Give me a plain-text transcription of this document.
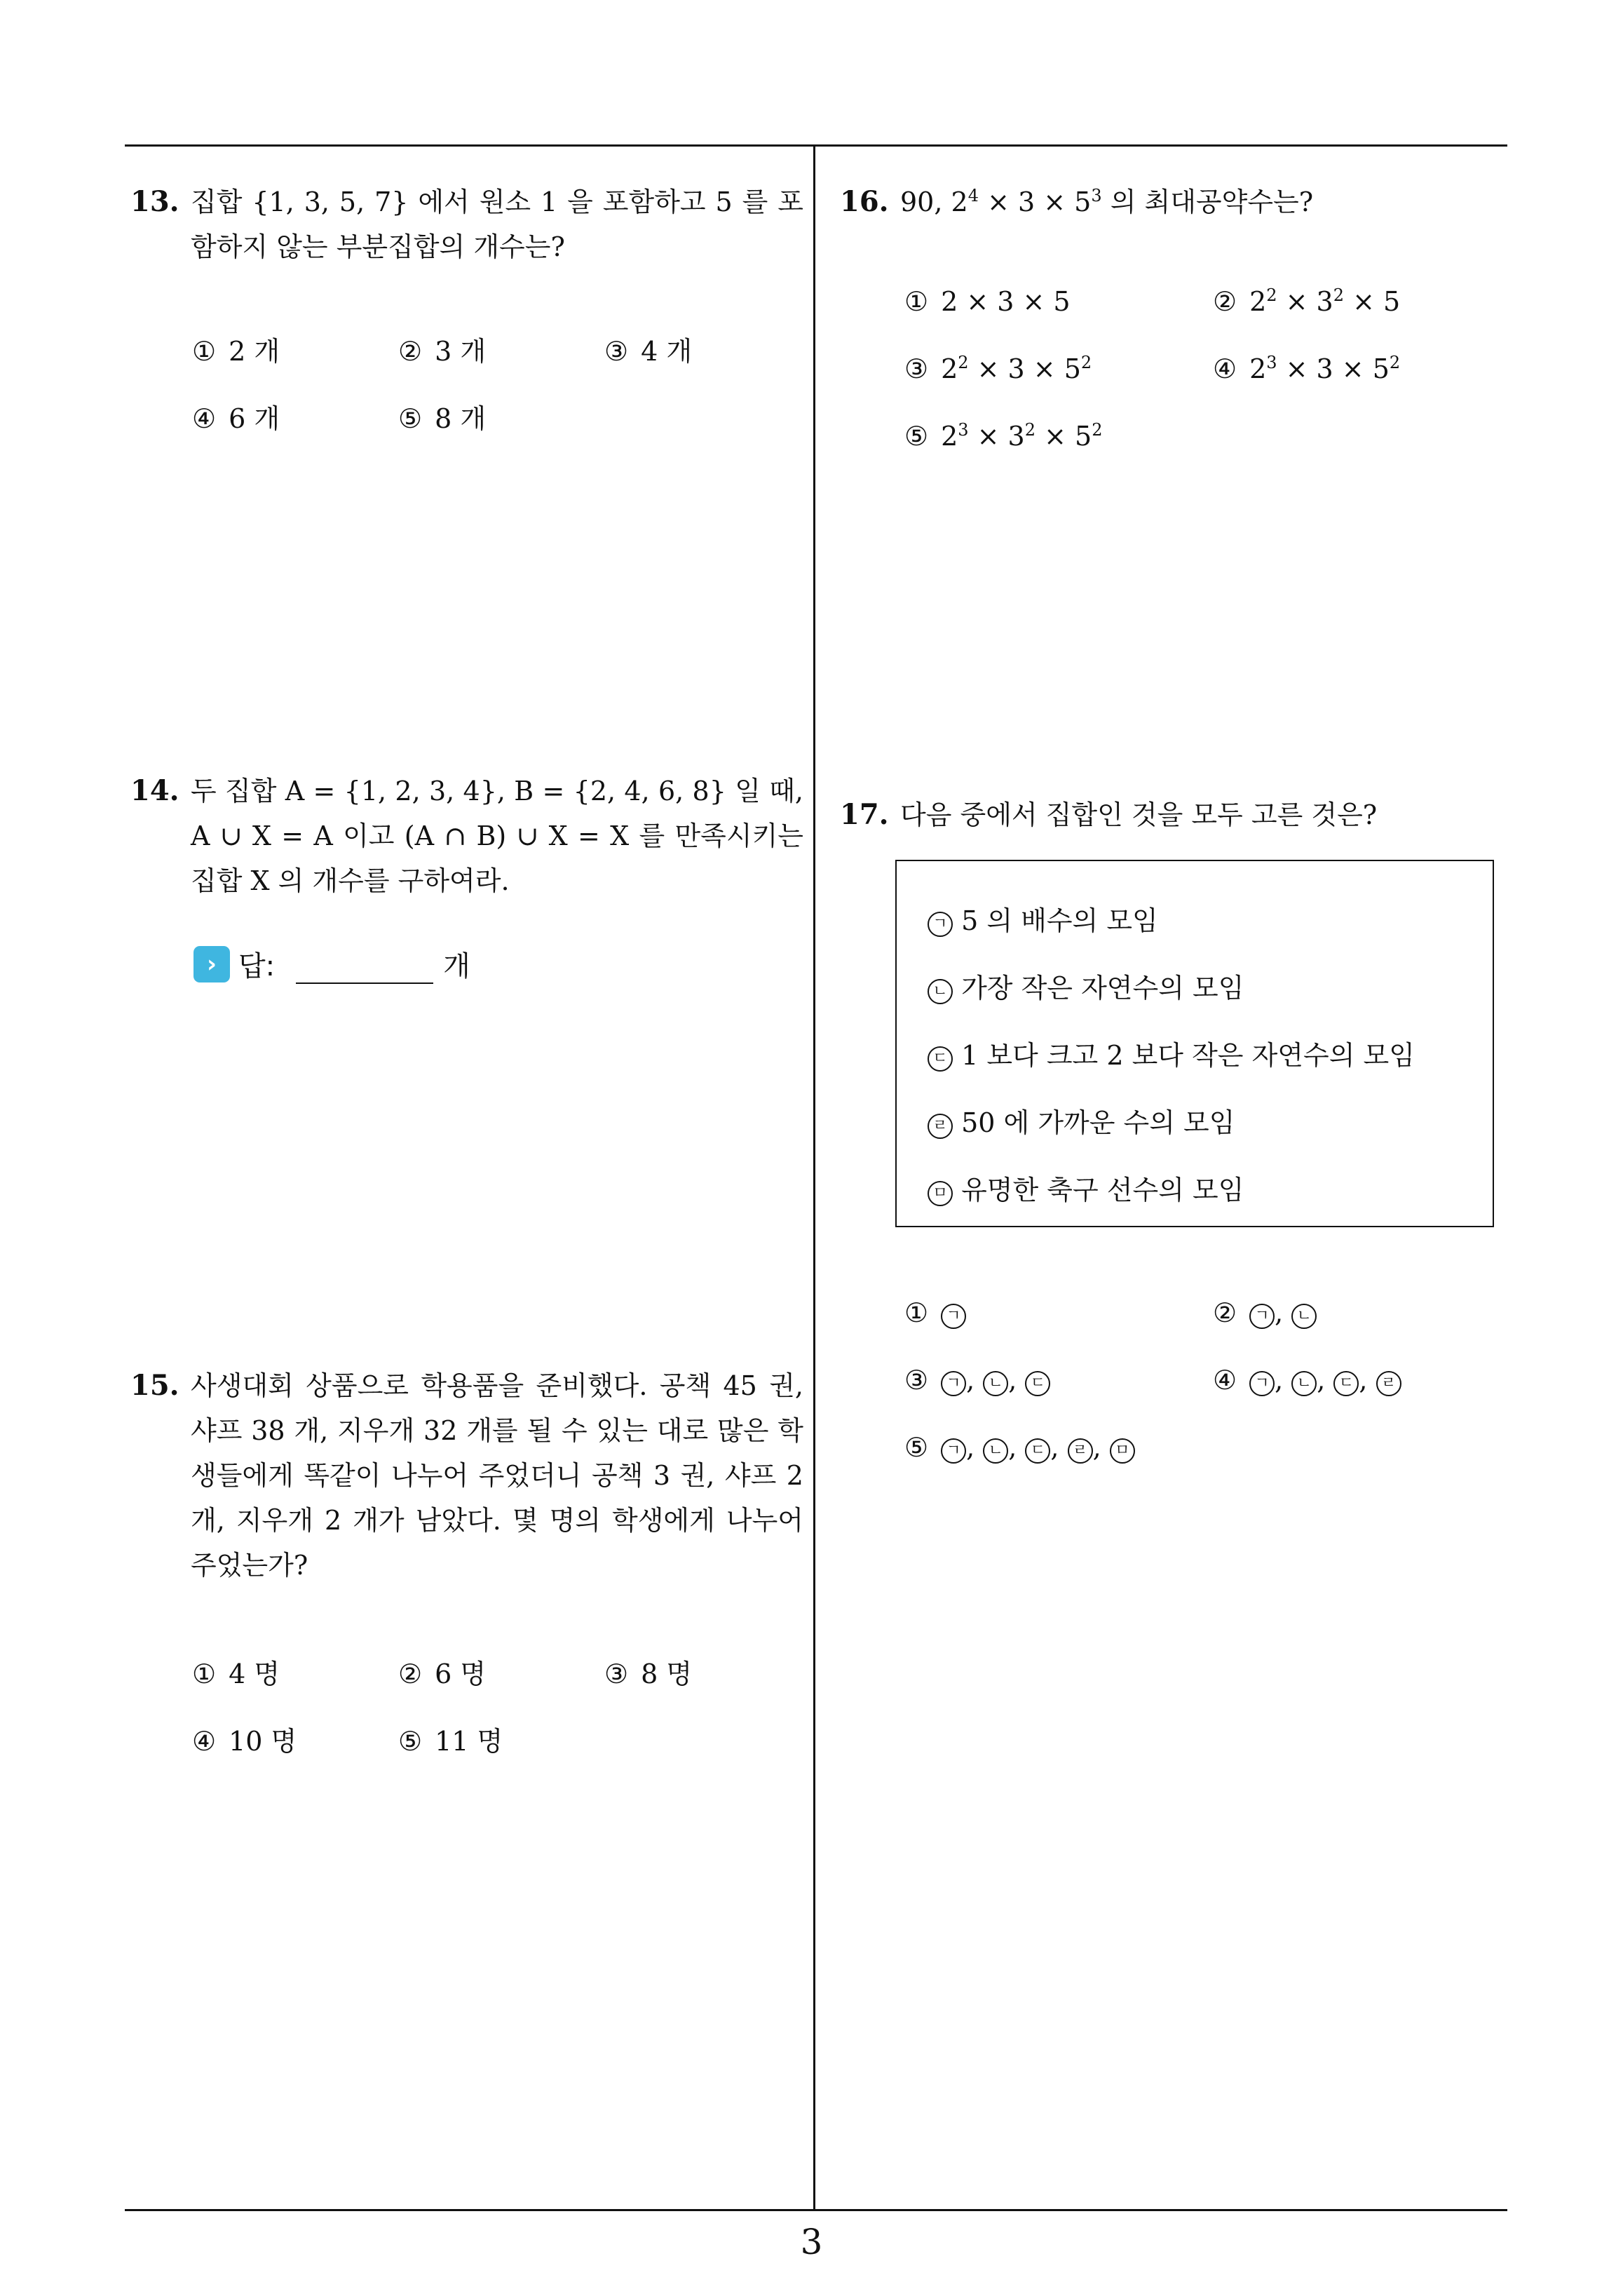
13. 집합 {1, 3, 5, 7} 에서 원소 1 을 포함하고 5 를 포함하지 않는 부분집합의 개수는?
① 2 개	② 3 개	③ 4 개
④ 6 개	⑤ 8 개
14. 두 집합 A = {1, 2, 3, 4}, B = {2, 4, 6, 8} 일 때, A ∪ X = A 이고 (A ∩ B) ∪ X = X 를 만족시키는 집합 X 의 개수를 구하여라.
› 답:	개
15. 사생대회 상품으로 학용품을 준비했다. 공책 45 권, 샤프 38 개, 지우개 32 개를 될 수 있는 대로 많은 학생들에게 똑같이 나누어 주었더니 공책 3 권, 샤프 2 개, 지우개 2 개가 남았다. 몇 명의 학생에게 나누어 주었는가?
① 4 명	② 6 명	③ 8 명
④ 10 명	⑤ 11 명
16. 90, $2^4 \times 3 \times 5^3$ 의 최대공약수는?
① 2 × 3 × 5	② $2^2 \times 3^2 \times 5$
③ $2^2 \times 3 \times 5^2$	④ $2^3 \times 3 \times 5^2$
⑤ $2^3 \times 3^2 \times 5^2$
17. 다음 중에서 집합인 것을 모두 고른 것은?
ㄱ 5 의 배수의 모임
ㄴ 가장 작은 자연수의 모임
ㄷ 1 보다 크고 2 보다 작은 자연수의 모임
ㄹ 50 에 가까운 수의 모임
ㅁ 유명한 축구 선수의 모임
① ㄱ	② ㄱ , ㄴ
③ ㄱ , ㄴ , ㄷ	④ ㄱ , ㄴ , ㄷ , ㄹ
⑤ ㄱ , ㄴ , ㄷ , ㄹ , ㅁ
3
